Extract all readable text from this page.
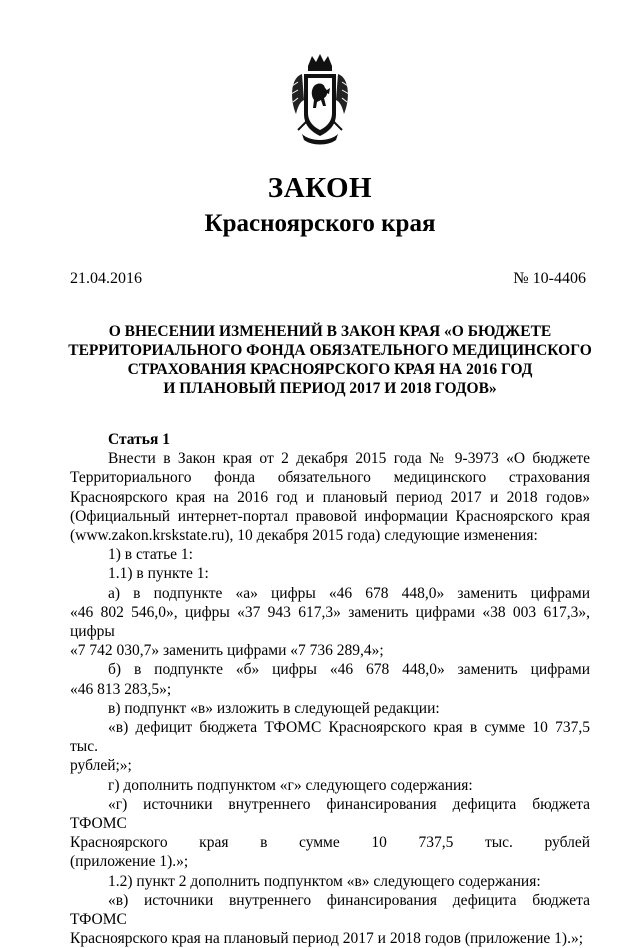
ЗАКОН
Красноярского края
21.04.2016	№ 10-4406
О ВНЕСЕНИИ ИЗМЕНЕНИЙ В ЗАКОН КРАЯ «О БЮДЖЕТЕ
ТЕРРИТОРИАЛЬНОГО ФОНДА ОБЯЗАТЕЛЬНОГО МЕДИЦИНСКОГО
СТРАХОВАНИЯ КРАСНОЯРСКОГО КРАЯ НА 2016 ГОД
И ПЛАНОВЫЙ ПЕРИОД 2017 И 2018 ГОДОВ»
Статья 1

Внести в Закон края от 2 декабря 2015 года № 9-3973 «О бюджете

Территориального фонда обязательного медицинского страхования

Красноярского края на 2016 год и плановый период 2017 и 2018 годов»

(Официальный интернет-портал правовой информации Красноярского края

(www.zakon.krskstate.ru), 10 декабря 2015 года) следующие изменения:

1) в статье 1:

1.1) в пункте 1:

а) в подпункте «а» цифры «46 678 448,0» заменить цифрами

«46 802 546,0», цифры «37 943 617,3» заменить цифрами «38 003 617,3», цифры

«7 742 030,7» заменить цифрами «7 736 289,4»;

б) в подпункте «б» цифры «46 678 448,0» заменить цифрами

«46 813 283,5»;

в) подпункт «в» изложить в следующей редакции:

«в) дефицит бюджета ТФОМС Красноярского края в сумме 10 737,5 тыс.

рублей;»;

г) дополнить подпунктом «г» следующего содержания:

«г) источники внутреннего финансирования дефицита бюджета ТФОМС

Красноярского края в сумме 10 737,5 тыс. рублей

(приложение 1).»;

1.2) пункт 2 дополнить подпунктом «в» следующего содержания:

«в) источники внутреннего финансирования дефицита бюджета ТФОМС

Красноярского края на плановый период 2017 и 2018 годов (приложение 1).»;
